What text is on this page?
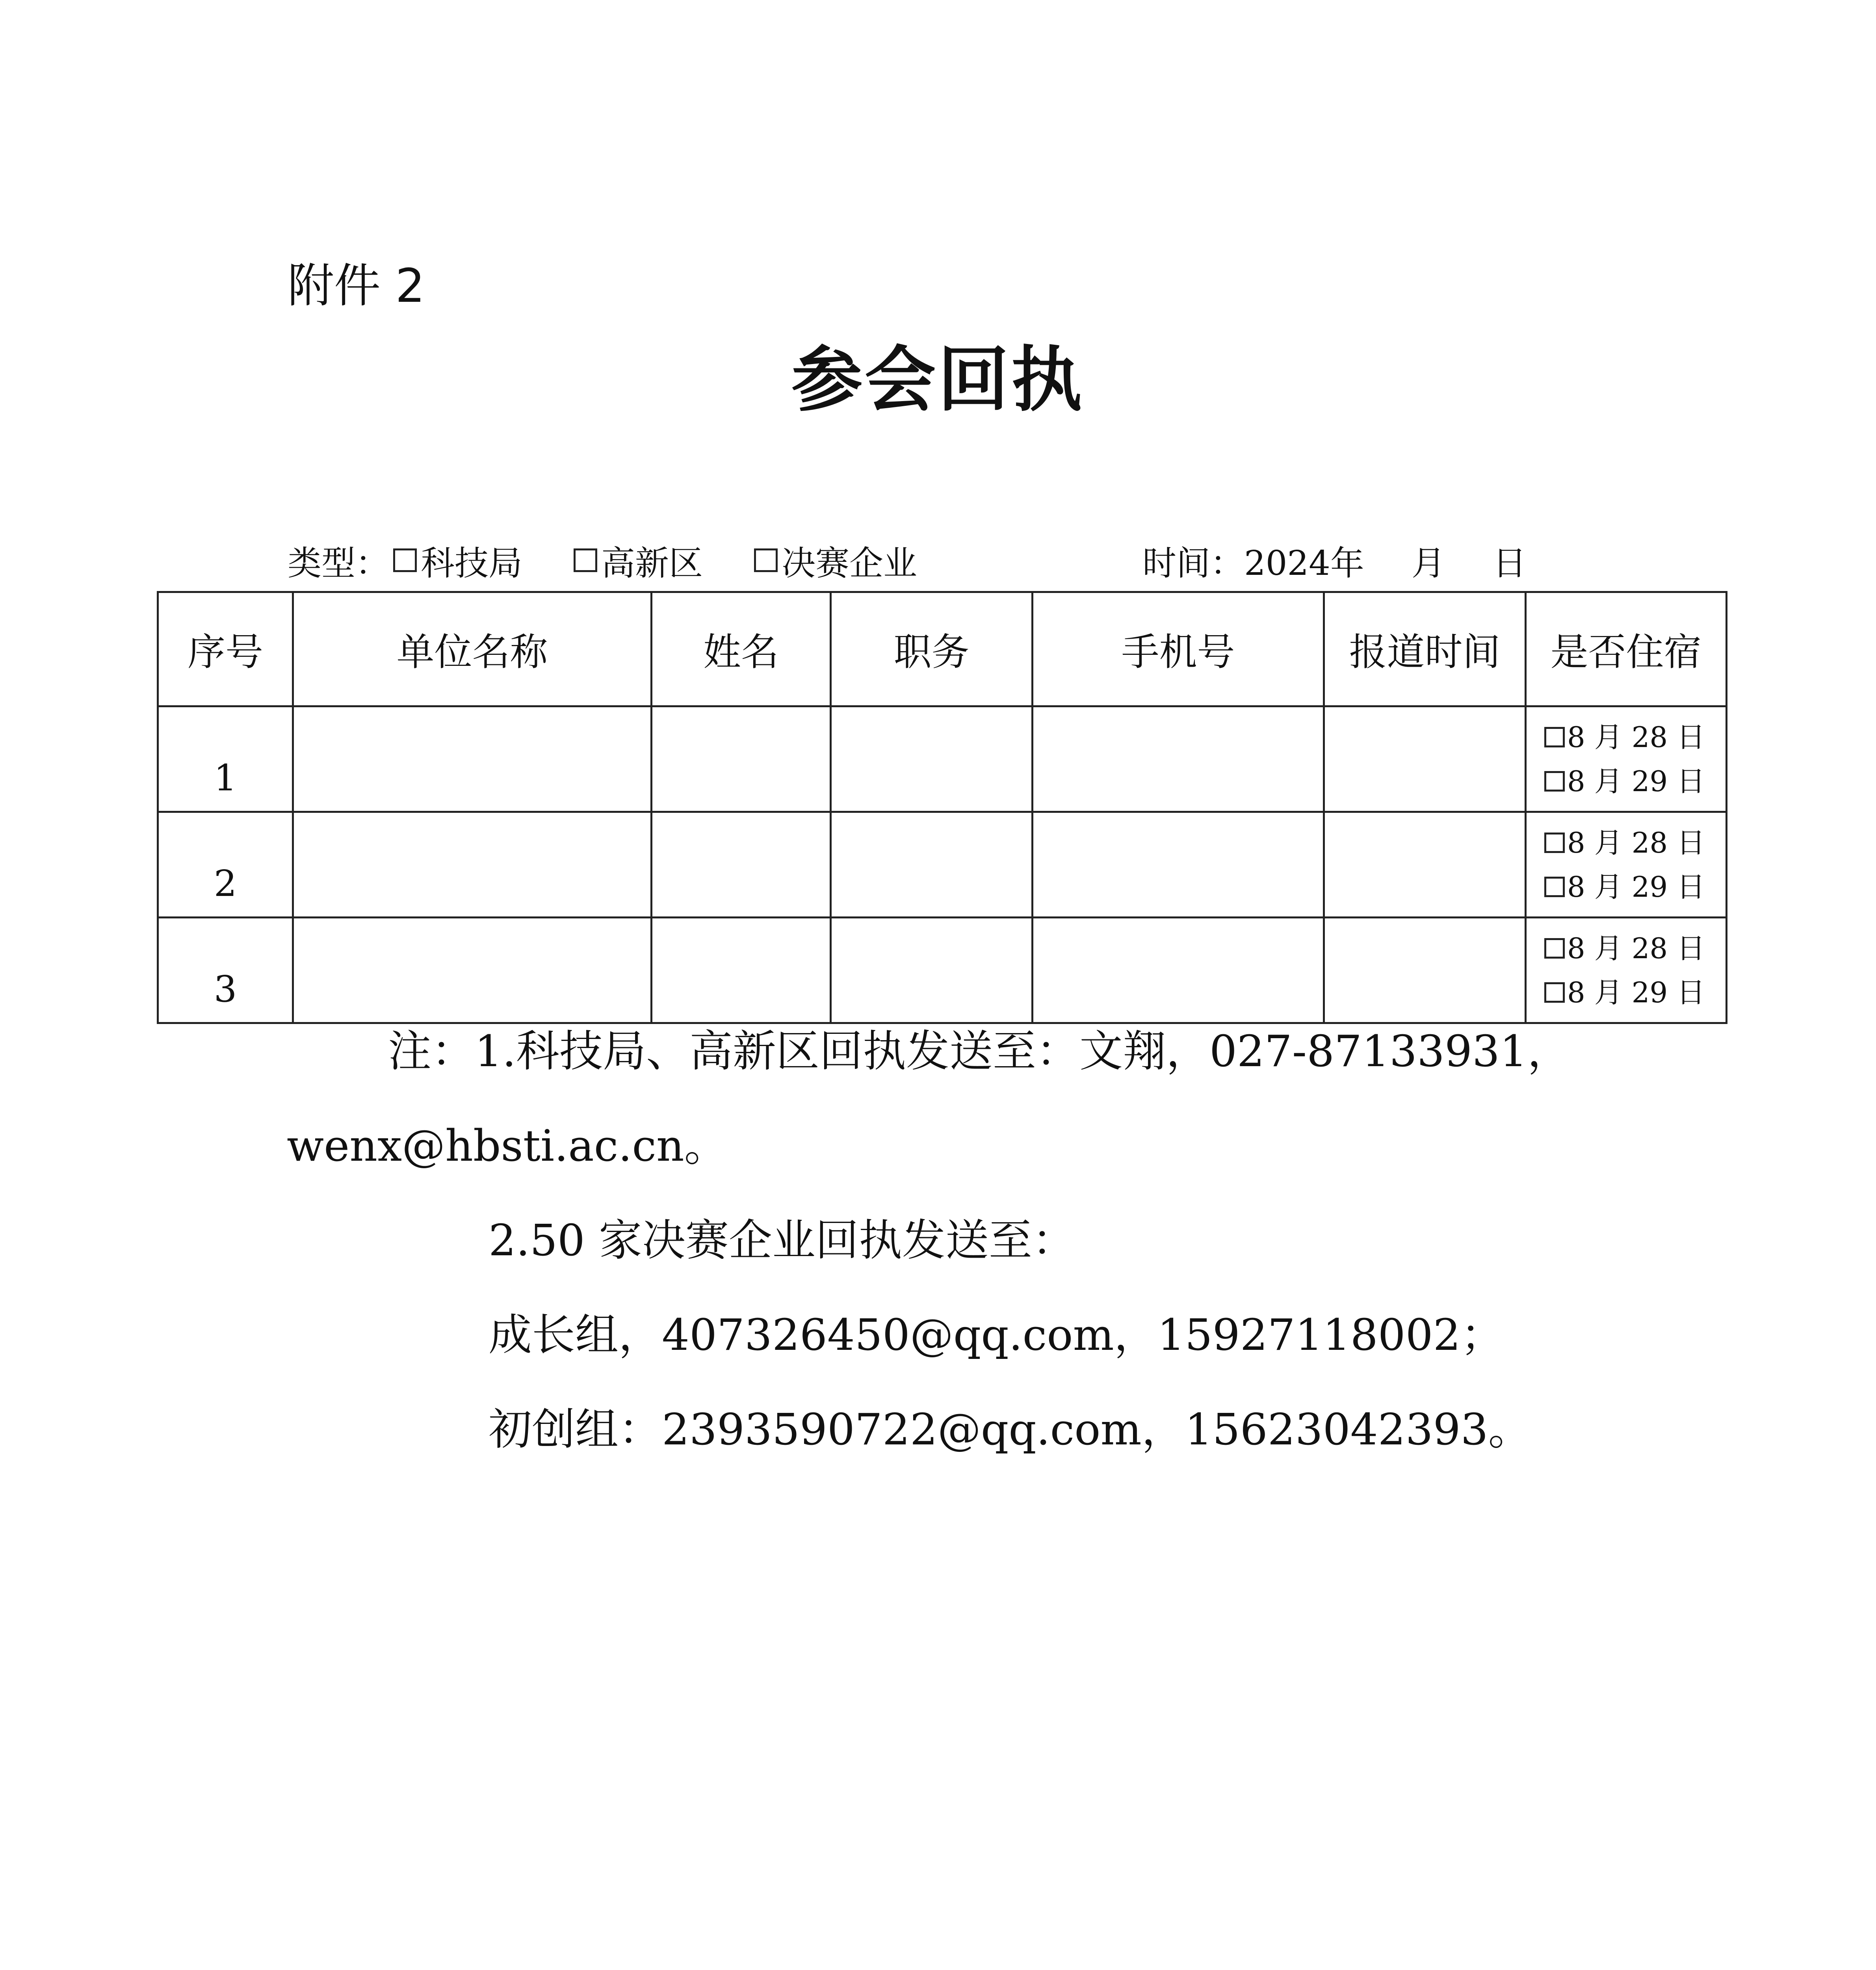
附件 2
参会回执
类型： 科技局 高新区 决赛企业	时间：2024年 月 日
序号	单位名称	姓名	职务	手机号	报道时间	是否住宿
1						8 月 28 日
8 月 29 日

2						8 月 28 日
8 月 29 日

3						8 月 28 日
8 月 29 日
注：1.科技局、高新区回执发送至：文翔，027-87133931，
wenx@hbsti.ac.cn。
2.50 家决赛企业回执发送至：
成长组，407326450@qq.com，15927118002；
初创组：2393590722@qq.com，15623042393。
